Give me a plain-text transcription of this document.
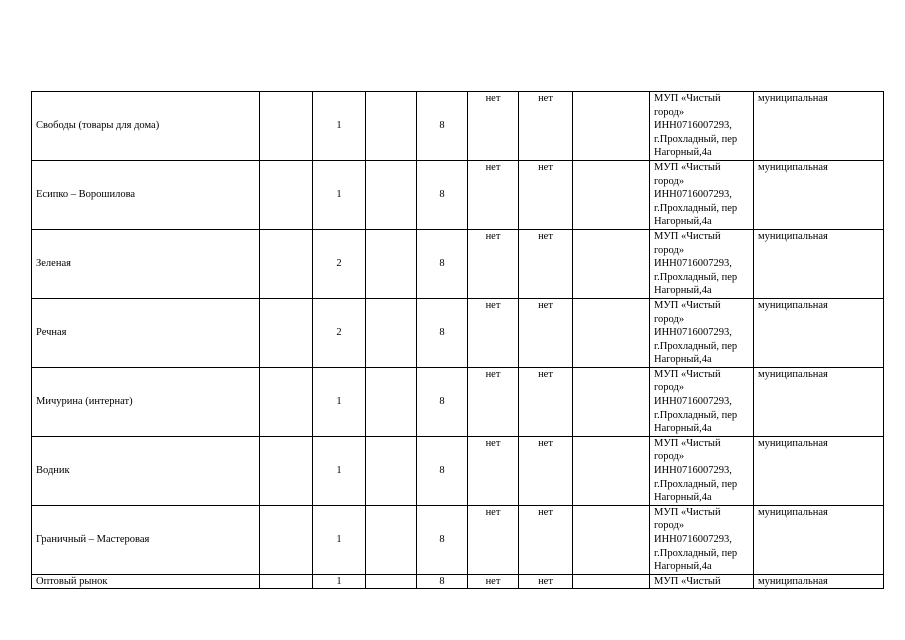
Свободы (товары для дома)		1		8	нет	нет		МУП «Чистый город» ИНН0716007293, г.Прохладный, пер Нагорный,4а	муниципальная
Есипко – Ворошилова		1		8	нет	нет		МУП «Чистый город» ИНН0716007293, г.Прохладный, пер Нагорный,4а	муниципальная
Зеленая		2		8	нет	нет		МУП «Чистый город» ИНН0716007293, г.Прохладный, пер Нагорный,4а	муниципальная
Речная		2		8	нет	нет		МУП «Чистый город» ИНН0716007293, г.Прохладный, пер Нагорный,4а	муниципальная
Мичурина (интернат)		1		8	нет	нет		МУП «Чистый город» ИНН0716007293, г.Прохладный, пер Нагорный,4а	муниципальная
Водник		1		8	нет	нет		МУП «Чистый город» ИНН0716007293, г.Прохладный, пер Нагорный,4а	муниципальная
Граничный – Мастеровая		1		8	нет	нет		МУП «Чистый город» ИНН0716007293, г.Прохладный, пер Нагорный,4а	муниципальная
Оптовый рынок		1		8	нет	нет		МУП «Чистый	муниципальная
